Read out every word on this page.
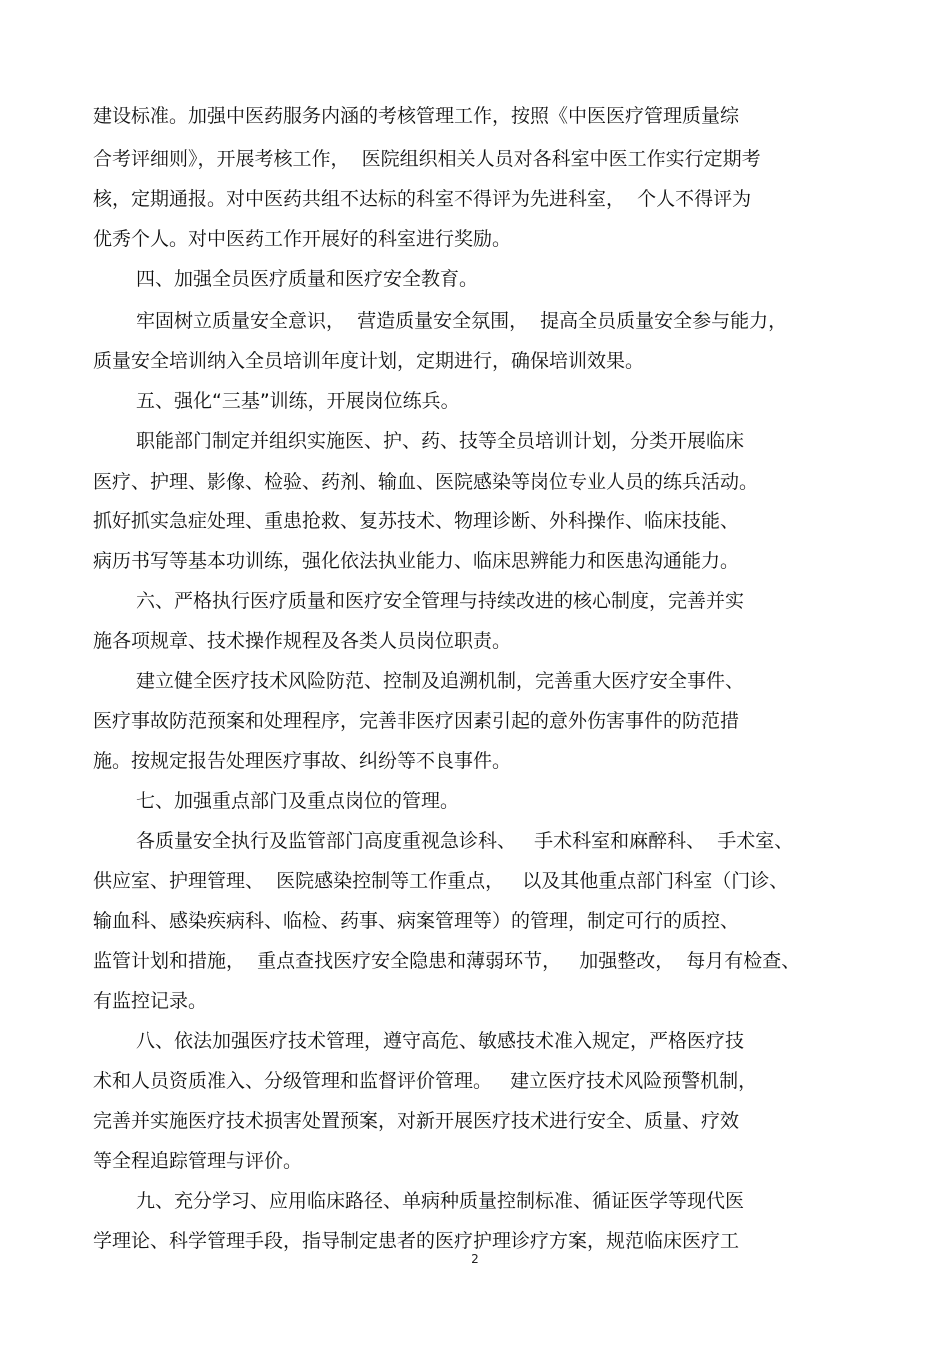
建设标准。加强中医药服务内涵的考核管理工作，按照《中医医疗管理质量综
合考评细则》，开展考核工作，  医院组织相关人员对各科室中医工作实行定期考
核，定期通报。对中医药共组不达标的科室不得评为先进科室，  个人不得评为
优秀个人。对中医药工作开展好的科室进行奖励。
四、加强全员医疗质量和医疗安全教育。
牢固树立质量安全意识，  营造质量安全氛围，  提高全员质量安全参与能力，
质量安全培训纳入全员培训年度计划，定期进行，确保培训效果。
五、强化“三基”训练，开展岗位练兵。
职能部门制定并组织实施医、护、药、技等全员培训计划，分类开展临床
医疗、护理、影像、检验、药剂、输血、医院感染等岗位专业人员的练兵活动。
抓好抓实急症处理、重患抢救、复苏技术、物理诊断、外科操作、临床技能、
病历书写等基本功训练，强化依法执业能力、临床思辨能力和医患沟通能力。
六、严格执行医疗质量和医疗安全管理与持续改进的核心制度，完善并实
施各项规章、技术操作规程及各类人员岗位职责。
建立健全医疗技术风险防范、控制及追溯机制，完善重大医疗安全事件、
医疗事故防范预案和处理程序，完善非医疗因素引起的意外伤害事件的防范措
施。按规定报告处理医疗事故、纠纷等不良事件。
七、加强重点部门及重点岗位的管理。
各质量安全执行及监管部门高度重视急诊科、   手术科室和麻醉科、  手术室、
供应室、护理管理、  医院感染控制等工作重点，   以及其他重点部门科室（门诊、
输血科、感染疾病科、临检、药事、病案管理等）的管理，制定可行的质控、
监管计划和措施，  重点查找医疗安全隐患和薄弱环节，   加强整改，  每月有检查、
有监控记录。
八、依法加强医疗技术管理，遵守高危、敏感技术准入规定，严格医疗技
术和人员资质准入、分级管理和监督评价管理。   建立医疗技术风险预警机制，
完善并实施医疗技术损害处置预案，对新开展医疗技术进行安全、质量、疗效
等全程追踪管理与评价。
九、充分学习、应用临床路径、单病种质量控制标准、循证医学等现代医
学理论、科学管理手段，指导制定患者的医疗护理诊疗方案，规范临床医疗工
2
